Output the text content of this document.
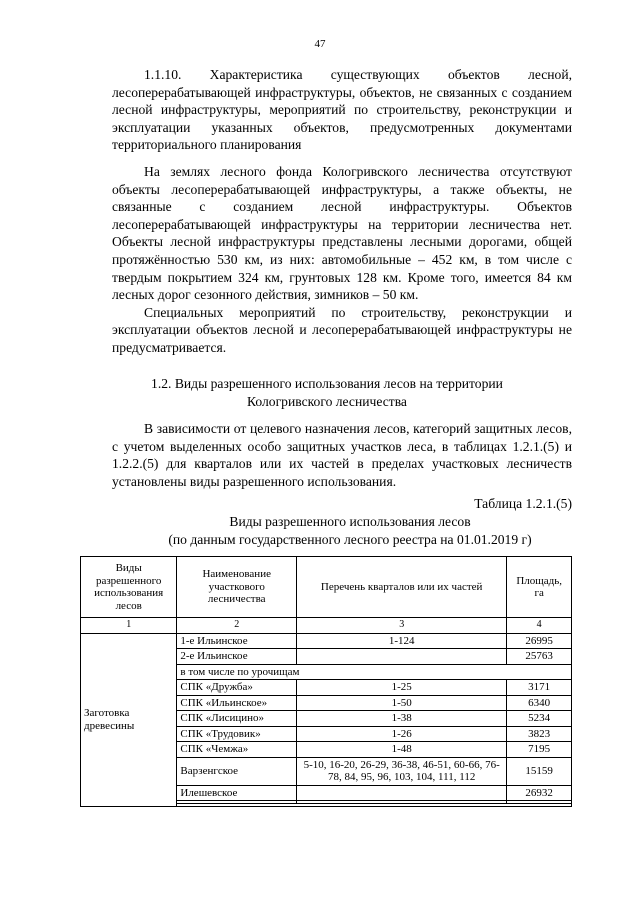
47

1.1.10. Характеристика существующих объектов лесной, лесоперерабатывающей инфраструктуры, объектов, не связанных с созданием лесной инфраструктуры, мероприятий по строительству, реконструкции и эксплуатации указанных объектов, предусмотренных документами территориального планирования

На землях лесного фонда Кологривского лесничества отсутствуют объекты лесоперерабатывающей инфраструктуры, а также объекты, не связанные с созданием лесной инфраструктуры. Объектов лесоперерабатывающей инфраструктуры на территории лесничества нет. Объекты лесной инфраструктуры представлены лесными дорогами, общей протяжённостью 530 км, из них: автомобильные – 452 км, в том числе с твердым покрытием 324 км, грунтовых 128 км. Кроме того, имеется 84 км лесных дорог сезонного действия, зимников – 50 км.

Специальных мероприятий по строительству, реконструкции и эксплуатации объектов лесной и лесоперерабатывающей инфраструктуры не предусматривается.

1.2. Виды разрешенного использования лесов на территории
Кологривского лесничества

В зависимости от целевого назначения лесов, категорий защитных лесов, с учетом выделенных особо защитных участков леса, в таблицах 1.2.1.(5) и 1.2.2.(5) для кварталов или их частей в пределах участковых лесничеств установлены виды разрешенного использования.

Таблица 1.2.1.(5)
Виды разрешенного использования лесов
(по данным государственного лесного реестра на 01.01.2019 г)
Виды разрешенного использования лесов	Наименование участкового лесничества	Перечень кварталов или их частей	Площадь, га
1	2	3	4
Заготовка древесины	1-е Ильинское	1-124	26995
	2-е Ильинское		25763
	в том числе по урочищам		
	СПК «Дружба»	1-25	3171
	СПК «Ильинское»	1-50	6340
	СПК «Лисицино»	1-38	5234
	СПК «Трудовик»	1-26	3823
	СПК «Чемжа»	1-48	7195
	Варзенгское	5-10, 16-20, 26-29, 36-38, 46-51, 60-66, 76-78, 84, 95, 96, 103, 104, 111, 112	15159
	Илешевское		26932
